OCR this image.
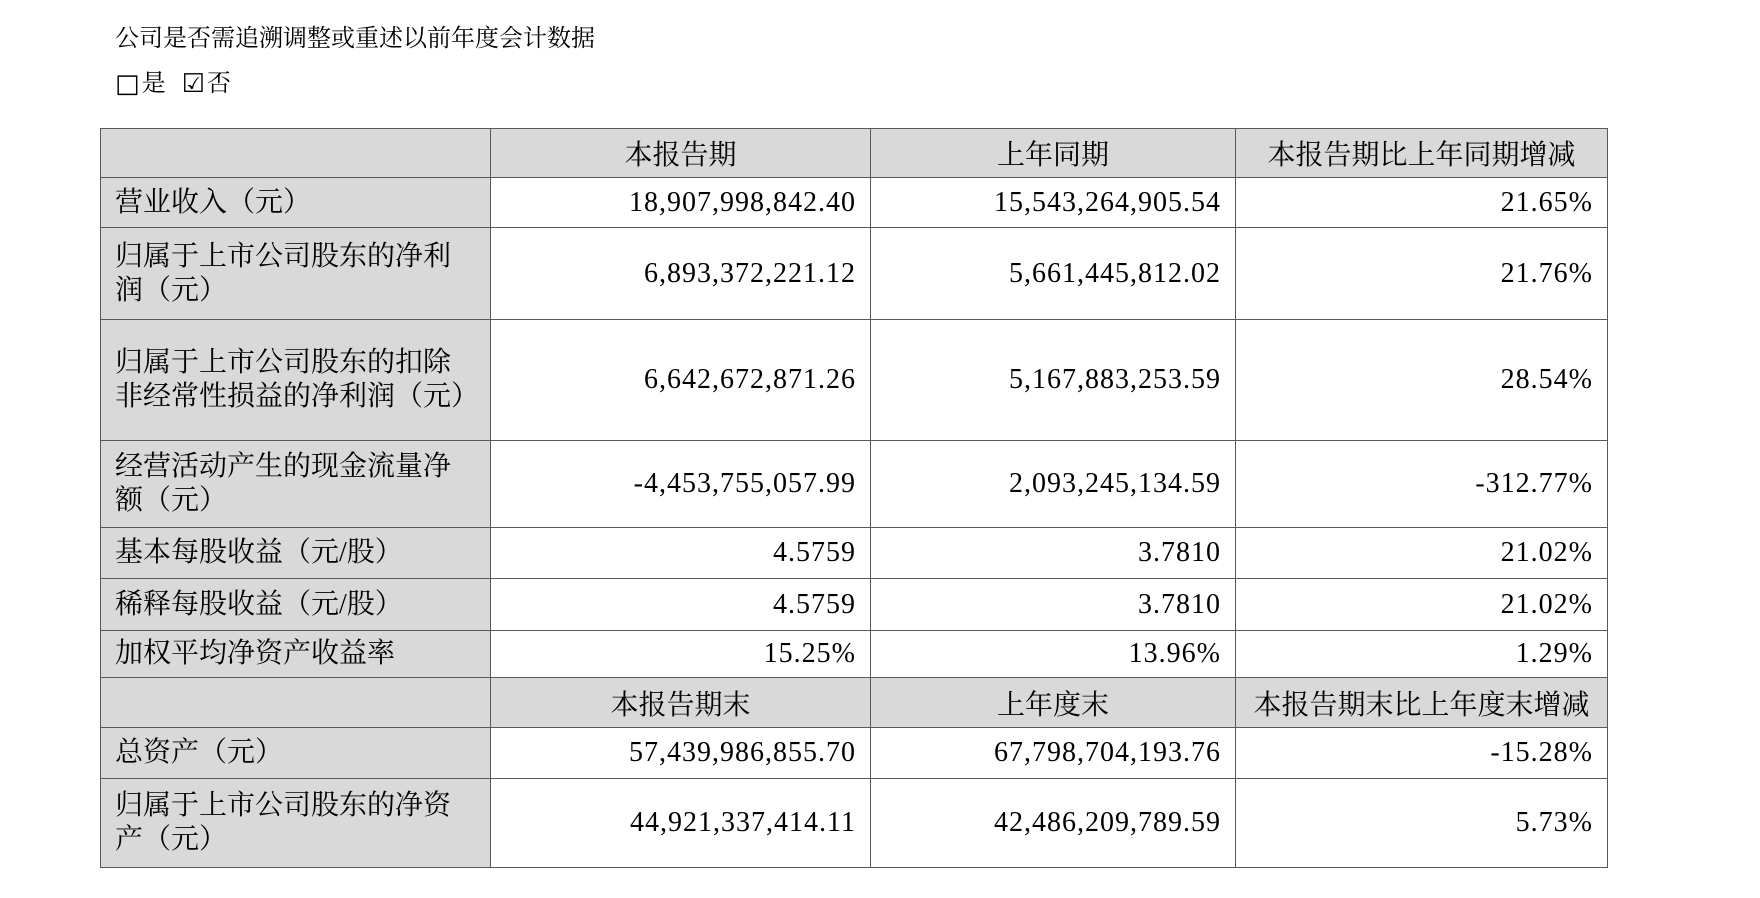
公司是否需追溯调整或重述以前年度会计数据
□ 是 ☑ 否
	本报告期	上年同期	本报告期比上年同期增减
营业收入（元）	18,907,998,842.40	15,543,264,905.54	21.65%
归属于上市公司股东的净利润（元）	6,893,372,221.12	5,661,445,812.02	21.76%
归属于上市公司股东的扣除非经常性损益的净利润（元）	6,642,672,871.26	5,167,883,253.59	28.54%
经营活动产生的现金流量净额（元）	-4,453,755,057.99	2,093,245,134.59	-312.77%
基本每股收益（元/股）	4.5759	3.7810	21.02%
稀释每股收益（元/股）	4.5759	3.7810	21.02%
加权平均净资产收益率	15.25%	13.96%	1.29%
	本报告期末	上年度末	本报告期末比上年度末增减
总资产（元）	57,439,986,855.70	67,798,704,193.76	-15.28%
归属于上市公司股东的净资产（元）	44,921,337,414.11	42,486,209,789.59	5.73%
